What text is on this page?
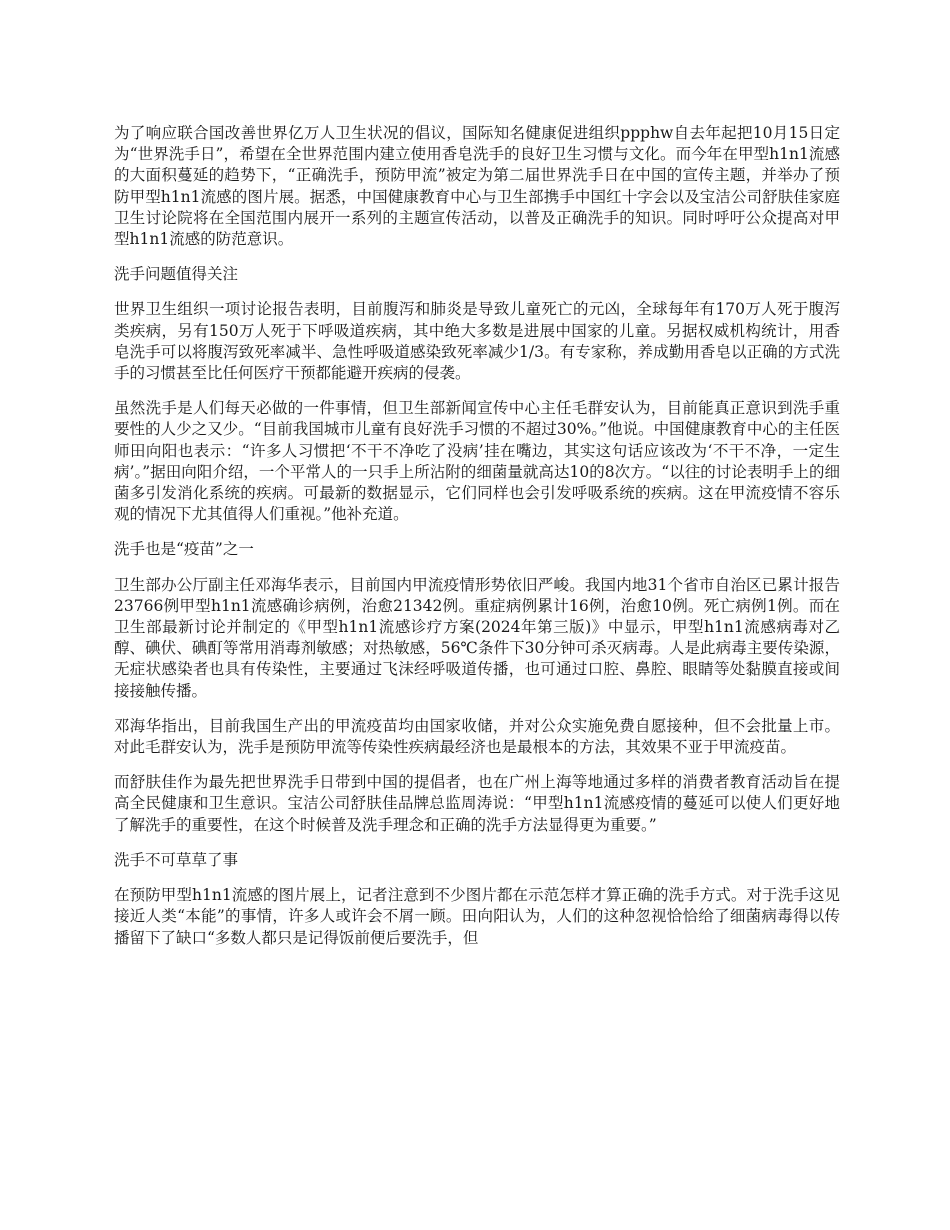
为了响应联合国改善世界亿万人卫生状况的倡议，国际知名健康促进组织ppphw自去年起把10月15日定为“世界洗手日”，希望在全世界范围内建立使用香皂洗手的良好卫生习惯与文化。而今年在甲型h1n1流感的大面积蔓延的趋势下，“正确洗手，预防甲流”被定为第二届世界洗手日在中国的宣传主题，并举办了预防甲型h1n1流感的图片展。据悉，中国健康教育中心与卫生部携手中国红十字会以及宝洁公司舒肤佳家庭卫生讨论院将在全国范围内展开一系列的主题宣传活动，以普及正确洗手的知识。同时呼吁公众提高对甲型h1n1流感的防范意识。

洗手问题值得关注

世界卫生组织一项讨论报告表明，目前腹泻和肺炎是导致儿童死亡的元凶，全球每年有170万人死于腹泻类疾病，另有150万人死于下呼吸道疾病，其中绝大多数是进展中国家的儿童。另据权威机构统计，用香皂洗手可以将腹泻致死率减半、急性呼吸道感染致死率减少1/3。有专家称，养成勤用香皂以正确的方式洗手的习惯甚至比任何医疗干预都能避开疾病的侵袭。

虽然洗手是人们每天必做的一件事情，但卫生部新闻宣传中心主任毛群安认为，目前能真正意识到洗手重要性的人少之又少。“目前我国城市儿童有良好洗手习惯的不超过30%。”他说。中国健康教育中心的主任医师田向阳也表示：“许多人习惯把‘不干不净吃了没病’挂在嘴边，其实这句话应该改为‘不干不净，一定生病’。”据田向阳介绍，一个平常人的一只手上所沾附的细菌量就高达10的8次方。“以往的讨论表明手上的细菌多引发消化系统的疾病。可最新的数据显示，它们同样也会引发呼吸系统的疾病。这在甲流疫情不容乐观的情况下尤其值得人们重视。”他补充道。

洗手也是“疫苗”之一

卫生部办公厅副主任邓海华表示，目前国内甲流疫情形势依旧严峻。我国内地31个省市自治区已累计报告23766例甲型h1n1流感确诊病例，治愈21342例。重症病例累计16例，治愈10例。死亡病例1例。而在卫生部最新讨论并制定的《甲型h1n1流感诊疗方案(2024年第三版)》中显示，甲型h1n1流感病毒对乙醇、碘伏、碘酊等常用消毒剂敏感；对热敏感，56℃条件下30分钟可杀灭病毒。人是此病毒主要传染源，无症状感染者也具有传染性，主要通过飞沫经呼吸道传播，也可通过口腔、鼻腔、眼睛等处黏膜直接或间接接触传播。

邓海华指出，目前我国生产出的甲流疫苗均由国家收储，并对公众实施免费自愿接种，但不会批量上市。对此毛群安认为，洗手是预防甲流等传染性疾病最经济也是最根本的方法，其效果不亚于甲流疫苗。

而舒肤佳作为最先把世界洗手日带到中国的提倡者，也在广州上海等地通过多样的消费者教育活动旨在提高全民健康和卫生意识。宝洁公司舒肤佳品牌总监周涛说：“甲型h1n1流感疫情的蔓延可以使人们更好地了解洗手的重要性，在这个时候普及洗手理念和正确的洗手方法显得更为重要。”

洗手不可草草了事

在预防甲型h1n1流感的图片展上，记者注意到不少图片都在示范怎样才算正确的洗手方式。对于洗手这见接近人类“本能”的事情，许多人或许会不屑一顾。田向阳认为，人们的这种忽视恰恰给了细菌病毒得以传播留下了缺口“多数人都只是记得饭前便后要洗手，但
